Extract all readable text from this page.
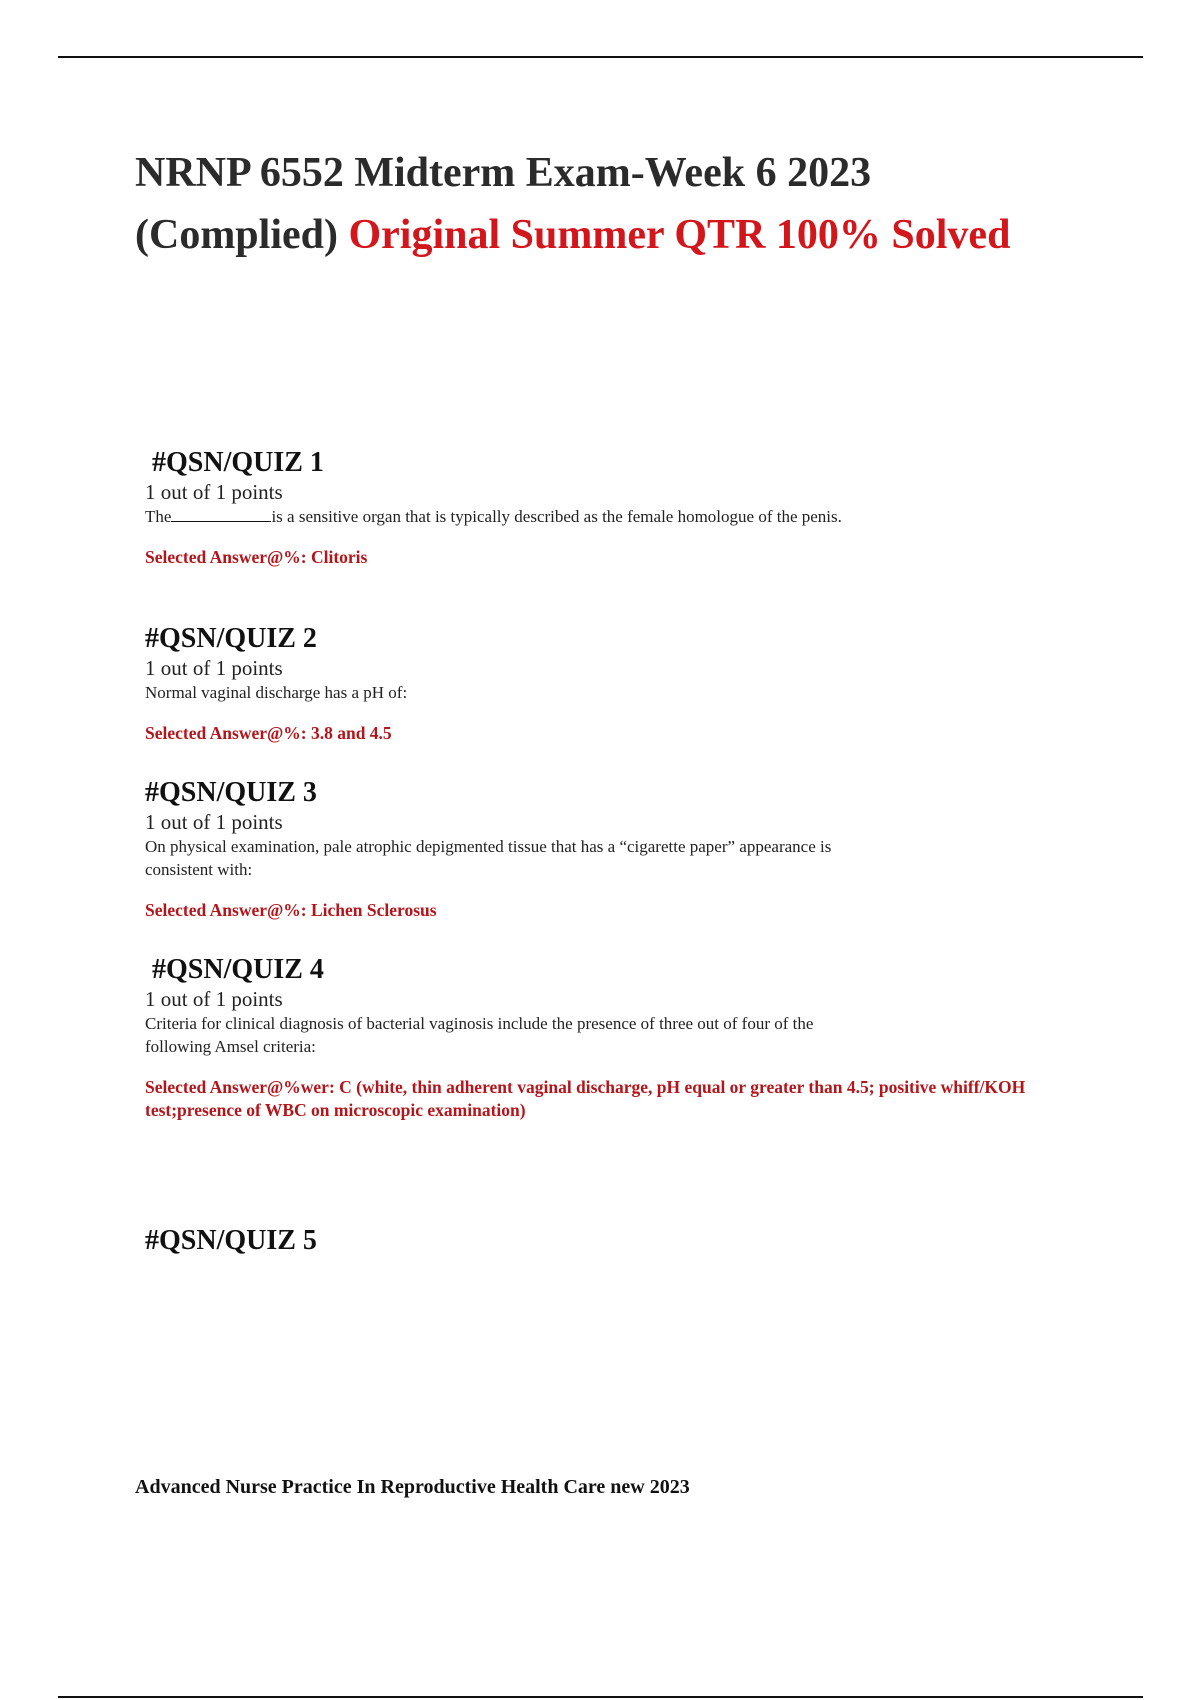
NRNP 6552 Midterm Exam-Week 6 2023
(Complied) Original Summer QTR 100% Solved

#QSN/QUIZ 1

1 out of 1 points

The	is a sensitive organ that is typically described as the female homologue of the penis.

Selected Answer@%: Clitoris

#QSN/QUIZ 2

1 out of 1 points

Normal vaginal discharge has a pH of:

Selected Answer@%: 3.8 and 4.5

#QSN/QUIZ 3

1 out of 1 points

On physical examination, pale atrophic depigmented tissue that has a “cigarette paper” appearance is consistent with:

Selected Answer@%: Lichen Sclerosus

#QSN/QUIZ 4

1 out of 1 points

Criteria for clinical diagnosis of bacterial vaginosis include the presence of three out of four of the following Amsel criteria:

Selected Answer@%wer: C (white, thin adherent vaginal discharge, pH equal or greater than 4.5; positive whiff/KOH test;presence of WBC on microscopic examination)

#QSN/QUIZ 5

Advanced Nurse Practice In Reproductive Health Care new 2023
